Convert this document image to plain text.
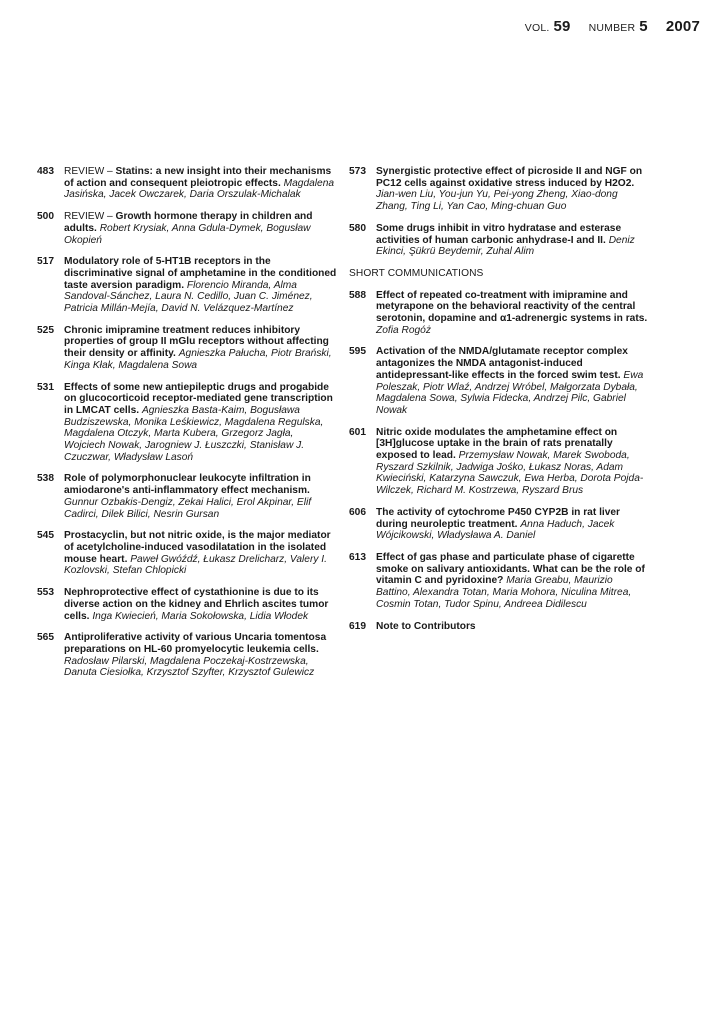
VOL. 59 NUMBER 5 2007
483 REVIEW – Statins: a new insight into their mechanisms of action and consequent pleiotropic effects. Magdalena Jasińska, Jacek Owczarek, Daria Orszulak-Michalak
500 REVIEW – Growth hormone therapy in children and adults. Robert Krysiak, Anna Gdula-Dymek, Bogusław Okopień
517 Modulatory role of 5-HT1B receptors in the discriminative signal of amphetamine in the conditioned taste aversion paradigm. Florencio Miranda, Alma Sandoval-Sánchez, Laura N. Cedillo, Juan C. Jiménez, Patricia Millán-Mejía, David N. Velázquez-Martínez
525 Chronic imipramine treatment reduces inhibitory properties of group II mGlu receptors without affecting their density or affinity. Agnieszka Pałucha, Piotr Brański, Kinga Kłak, Magdalena Sowa
531 Effects of some new antiepileptic drugs and progabide on glucocorticoid receptor-mediated gene transcription in LMCAT cells. Agnieszka Basta-Kaim, Bogusława Budziszewska, Monika Leśkiewicz, Magdalena Regulska, Magdalena Otczyk, Marta Kubera, Grzegorz Jagła, Wojciech Nowak, Jarogniew J. Łuszczki, Stanisław J. Czuczwar, Władysław Lasoń
538 Role of polymorphonuclear leukocyte infiltration in amiodarone's anti-inflammatory effect mechanism. Gunnur Ozbakis-Dengiz, Zekai Halici, Erol Akpinar, Elif Cadirci, Dilek Bilici, Nesrin Gursan
545 Prostacyclin, but not nitric oxide, is the major mediator of acetylcholine-induced vasodilatation in the isolated mouse heart. Paweł Gwóźdź, Łukasz Drelicharz, Valery I. Kozlovski, Stefan Chlopicki
553 Nephroprotective effect of cystathionine is due to its diverse action on the kidney and Ehrlich ascites tumor cells. Inga Kwiecień, Maria Sokołowska, Lidia Włodek
565 Antiproliferative activity of various Uncaria tomentosa preparations on HL-60 promyelocytic leukemia cells. Radosław Pilarski, Magdalena Poczekaj-Kostrzewska, Danuta Ciesiołka, Krzysztof Szyfter, Krzysztof Gulewicz
573 Synergistic protective effect of picroside II and NGF on PC12 cells against oxidative stress induced by H2O2. Jian-wen Liu, You-jun Yu, Pei-yong Zheng, Xiao-dong Zhang, Ting Li, Yan Cao, Ming-chuan Guo
580 Some drugs inhibit in vitro hydratase and esterase activities of human carbonic anhydrase-I and II. Deniz Ekinci, Şükrü Beydemir, Zuhal Alim
SHORT COMMUNICATIONS
588 Effect of repeated co-treatment with imipramine and metyrapone on the behavioral reactivity of the central serotonin, dopamine and α1-adrenergic systems in rats. Zofia Rogóż
595 Activation of the NMDA/glutamate receptor complex antagonizes the NMDA antagonist-induced antidepressant-like effects in the forced swim test. Ewa Poleszak, Piotr Wlaź, Andrzej Wróbel, Małgorzata Dybała, Magdalena Sowa, Sylwia Fidecka, Andrzej Pilc, Gabriel Nowak
601 Nitric oxide modulates the amphetamine effect on [3H]glucose uptake in the brain of rats prenatally exposed to lead. Przemysław Nowak, Marek Swoboda, Ryszard Szkilnik, Jadwiga Jośko, Łukasz Noras, Adam Kwieciński, Katarzyna Sawczuk, Ewa Herba, Dorota Pojda-Wilczek, Richard M. Kostrzewa, Ryszard Brus
606 The activity of cytochrome P450 CYP2B in rat liver during neuroleptic treatment. Anna Haduch, Jacek Wójcikowski, Władysława A. Daniel
613 Effect of gas phase and particulate phase of cigarette smoke on salivary antioxidants. What can be the role of vitamin C and pyridoxine? Maria Greabu, Maurizio Battino, Alexandra Totan, Maria Mohora, Niculina Mitrea, Cosmin Totan, Tudor Spinu, Andreea Didilescu
619 Note to Contributors
